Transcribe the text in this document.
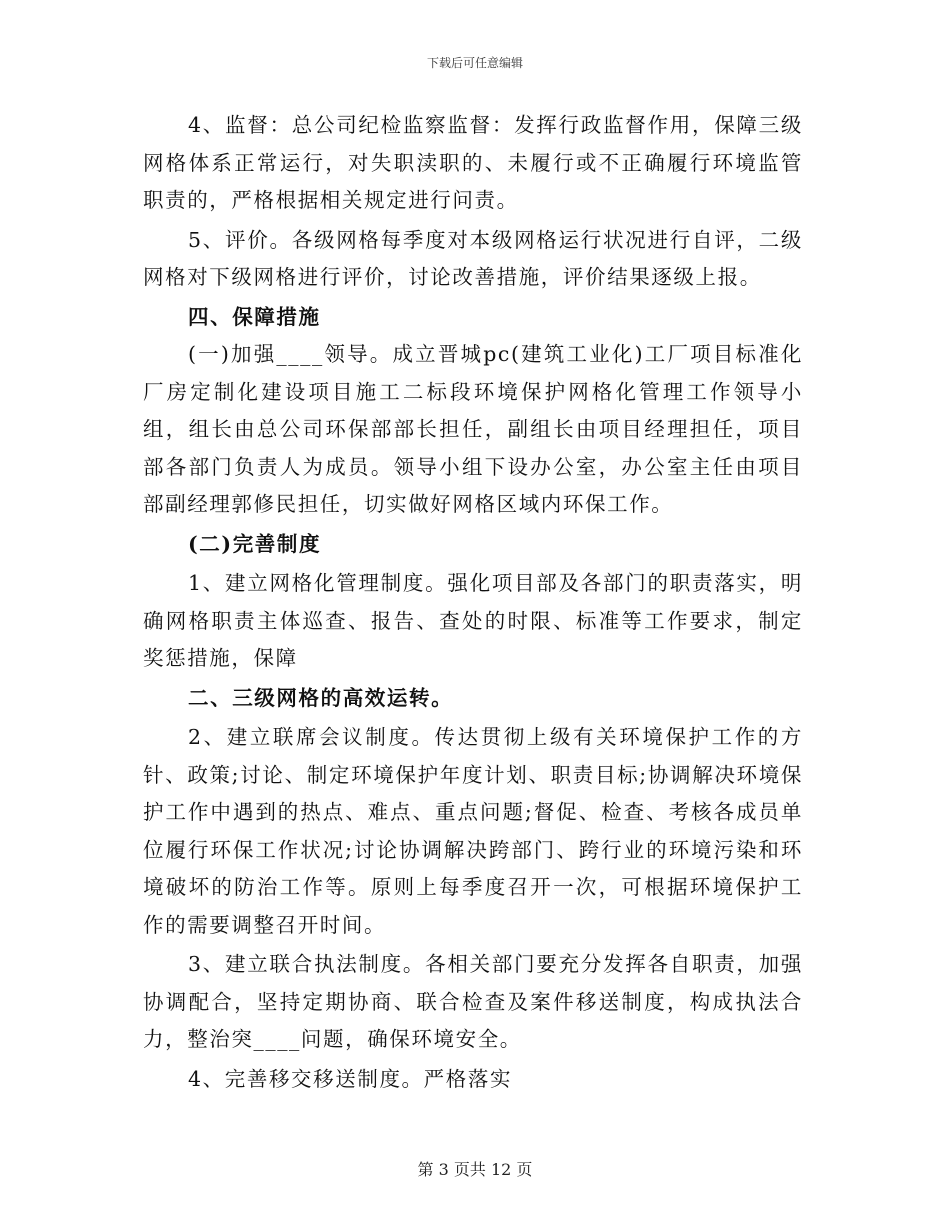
下载后可任意编辑

4、监督：总公司纪检监察监督：发挥行政监督作用，保障三级网格体系正常运行，对失职渎职的、未履行或不正确履行环境监管职责的，严格根据相关规定进行问责。

5、评价。各级网格每季度对本级网格运行状况进行自评，二级网格对下级网格进行评价，讨论改善措施，评价结果逐级上报。

四、保障措施

(一)加强____领导。成立晋城pc(建筑工业化)工厂项目标准化厂房定制化建设项目施工二标段环境保护网格化管理工作领导小组，组长由总公司环保部部长担任，副组长由项目经理担任，项目部各部门负责人为成员。领导小组下设办公室，办公室主任由项目部副经理郭修民担任，切实做好网格区域内环保工作。

(二)完善制度

1、建立网格化管理制度。强化项目部及各部门的职责落实，明确网格职责主体巡查、报告、查处的时限、标准等工作要求，制定奖惩措施，保障

二、三级网格的高效运转。

2、建立联席会议制度。传达贯彻上级有关环境保护工作的方针、政策;讨论、制定环境保护年度计划、职责目标;协调解决环境保护工作中遇到的热点、难点、重点问题;督促、检查、考核各成员单位履行环保工作状况;讨论协调解决跨部门、跨行业的环境污染和环境破坏的防治工作等。原则上每季度召开一次，可根据环境保护工作的需要调整召开时间。

3、建立联合执法制度。各相关部门要充分发挥各自职责，加强协调配合，坚持定期协商、联合检查及案件移送制度，构成执法合力，整治突____问题，确保环境安全。

4、完善移交移送制度。严格落实

第 3 页共 12 页
